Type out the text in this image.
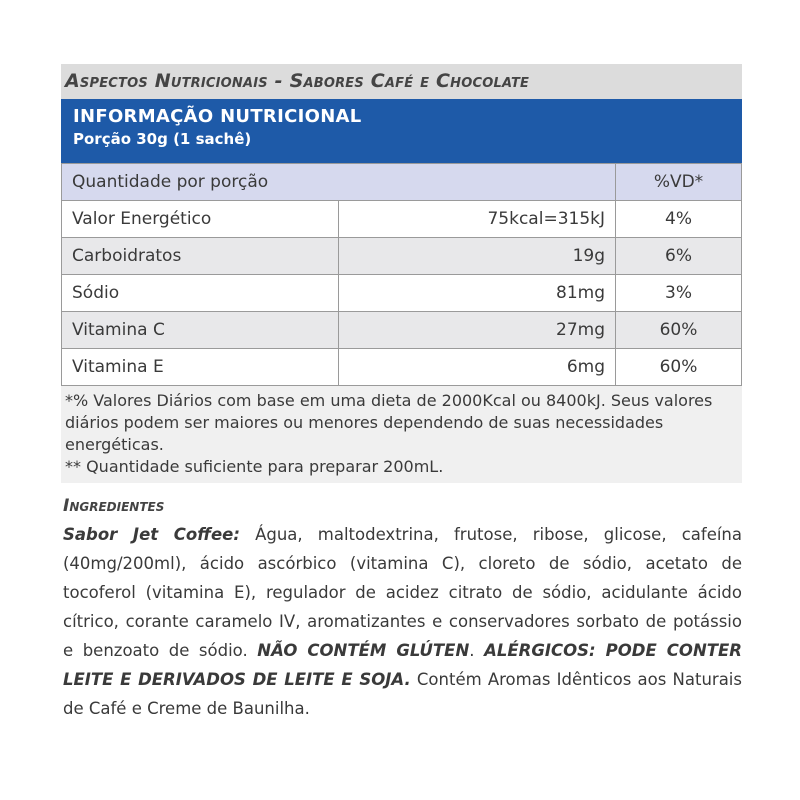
Aspectos Nutricionais - Sabores Café e Chocolate
INFORMAÇÃO NUTRICIONAL
Porção 30g (1 sachê)
Quantidade por porção		%VD*
Valor Energético	75kcal=315kJ	4%
Carboidratos	19g	6%
Sódio	81mg	3%
Vitamina C	27mg	60%
Vitamina E	6mg	60%
*% Valores Diários com base em uma dieta de 2000Kcal ou 8400kJ. Seus valores diários podem ser maiores ou menores dependendo de suas necessidades energéticas.
** Quantidade suficiente para preparar 200mL.
Ingredientes
Sabor Jet Coffee: Água, maltodextrina, frutose, ribose, glicose, cafeína (40mg/200ml), ácido ascórbico (vitamina C), cloreto de sódio, acetato de tocoferol (vitamina E), regulador de acidez citrato de sódio, acidulante ácido cítrico, corante caramelo IV, aromatizantes e conservadores sorbato de potássio e benzoato de sódio. NÃO CONTÉM GLÚTEN. ALÉRGICOS: PODE CONTER LEITE E DERIVADOS DE LEITE E SOJA. Contém Aromas Idênticos aos Naturais de Café e Creme de Baunilha.
